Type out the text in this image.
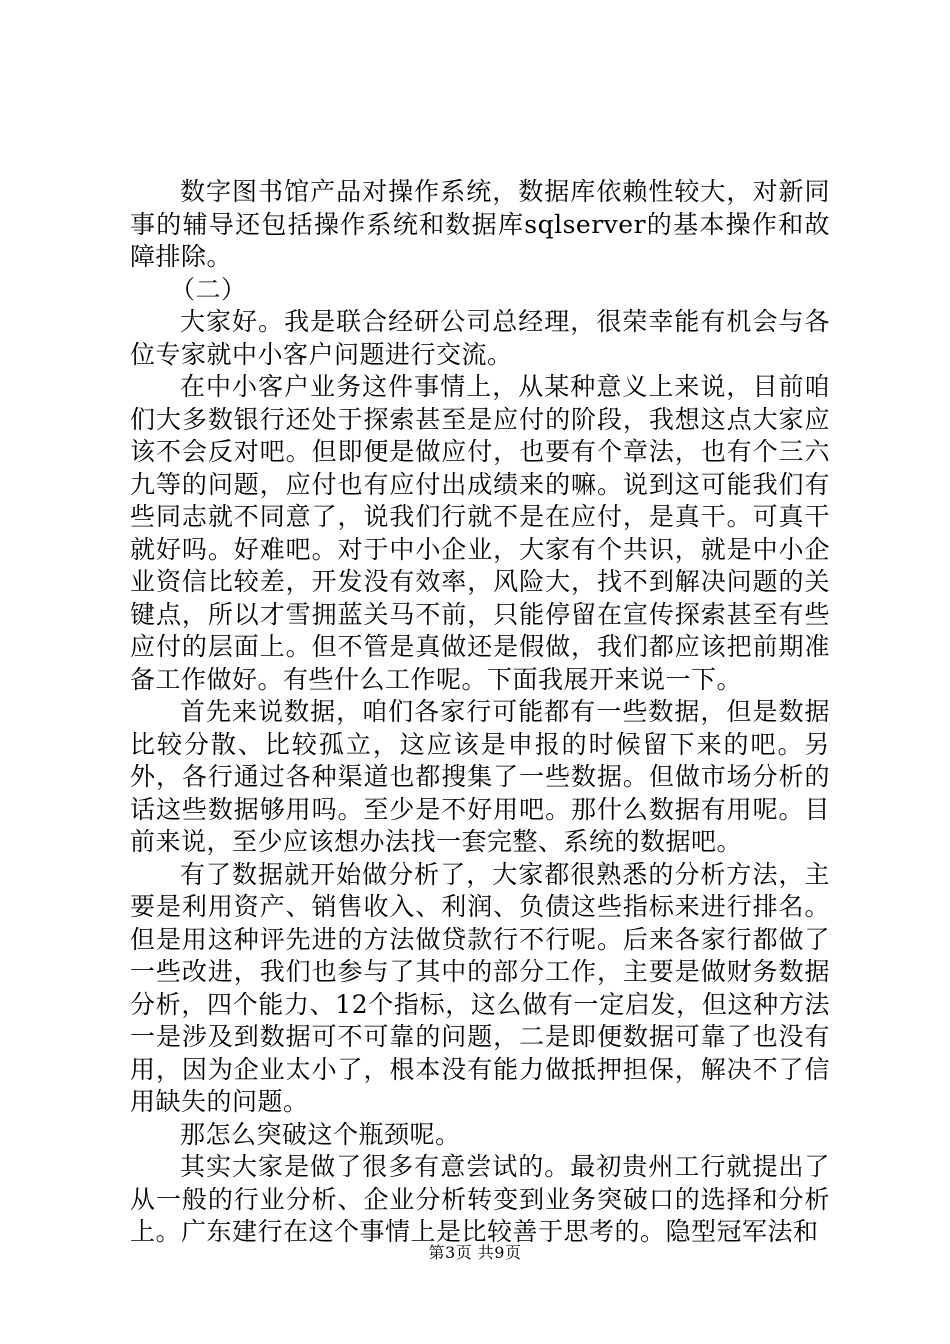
数字图书馆产品对操作系统，数据库依赖性较大，对新同事的辅导还包括操作系统和数据库sqlserver的基本操作和故障排除。

（二）

大家好。我是联合经研公司总经理，很荣幸能有机会与各位专家就中小客户问题进行交流。

在中小客户业务这件事情上，从某种意义上来说，目前咱们大多数银行还处于探索甚至是应付的阶段，我想这点大家应该不会反对吧。但即便是做应付，也要有个章法，也有个三六九等的问题，应付也有应付出成绩来的嘛。说到这可能我们有些同志就不同意了，说我们行就不是在应付，是真干。可真干就好吗。好难吧。对于中小企业，大家有个共识，就是中小企业资信比较差，开发没有效率，风险大，找不到解决问题的关键点，所以才雪拥蓝关马不前，只能停留在宣传探索甚至有些应付的层面上。但不管是真做还是假做，我们都应该把前期准备工作做好。有些什么工作呢。下面我展开来说一下。

首先来说数据，咱们各家行可能都有一些数据，但是数据比较分散、比较孤立，这应该是申报的时候留下来的吧。另外，各行通过各种渠道也都搜集了一些数据。但做市场分析的话这些数据够用吗。至少是不好用吧。那什么数据有用呢。目前来说，至少应该想办法找一套完整、系统的数据吧。

有了数据就开始做分析了，大家都很熟悉的分析方法，主要是利用资产、销售收入、利润、负债这些指标来进行排名。但是用这种评先进的方法做贷款行不行呢。后来各家行都做了一些改进，我们也参与了其中的部分工作，主要是做财务数据分析，四个能力、12个指标，这么做有一定启发，但这种方法一是涉及到数据可不可靠的问题，二是即便数据可靠了也没有用，因为企业太小了，根本没有能力做抵押担保，解决不了信用缺失的问题。

那怎么突破这个瓶颈呢。

其实大家是做了很多有意尝试的。最初贵州工行就提出了从一般的行业分析、企业分析转变到业务突破口的选择和分析上。广东建行在这个事情上是比较善于思考的。隐型冠军法和

第3页 共9页
